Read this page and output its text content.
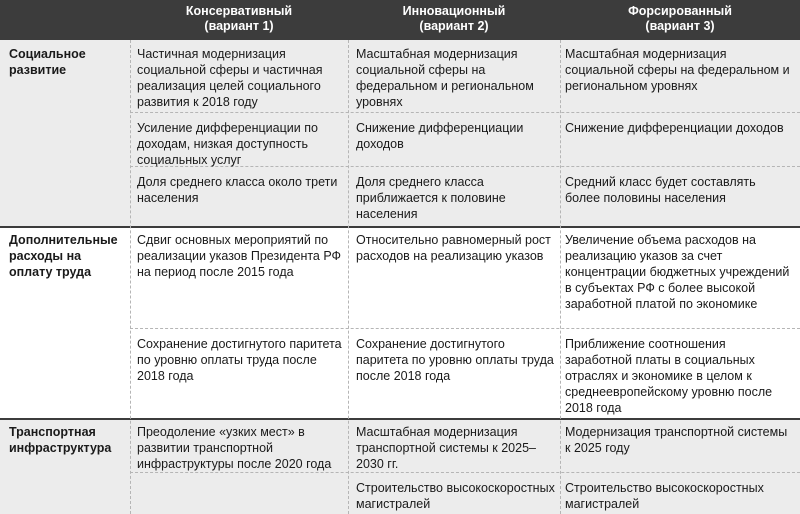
Консервативный
(вариант 1)
Инновационный
(вариант 2)
Форсированный
(вариант 3)
Социальное развитие
Частичная модернизация социальной сферы и частичная реализация целей социального развития к 2018 году
Масштабная модернизация социальной сферы на федеральном и региональном уровнях
Масштабная модернизация социальной сферы на федеральном и региональном уровнях
Усиление дифференциации по доходам, низкая доступность социальных услуг
Снижение дифференциации доходов
Снижение дифференциации доходов
Доля среднего класса около трети населения
Доля среднего класса приближается к половине населения
Средний класс будет составлять более половины населения
Дополнительные расходы на оплату труда
Сдвиг основных мероприятий по реализации указов Президента РФ на период после 2015 года
Относительно равномерный рост расходов на реализацию указов
Увеличение объема расходов на реализацию указов за счет концентрации бюджетных учреждений в субъектах РФ с более высокой заработной платой по экономике
Сохранение достигнутого паритета по уровню оплаты труда после 2018 года
Сохранение достигнутого паритета по уровню оплаты труда после 2018 года
Приближение соотношения заработной платы в социальных отраслях и экономике в целом к среднеевропейскому уровню после 2018 года
Транспортная инфраструктура
Преодоление «узких мест» в развитии транспортной инфраструктуры после 2020 года
Масштабная модернизация транспортной системы к 2025–2030 гг.
Модернизация транспортной системы к 2025 году
Строительство высокоскоростных магистралей
Строительство высокоскоростных магистралей
